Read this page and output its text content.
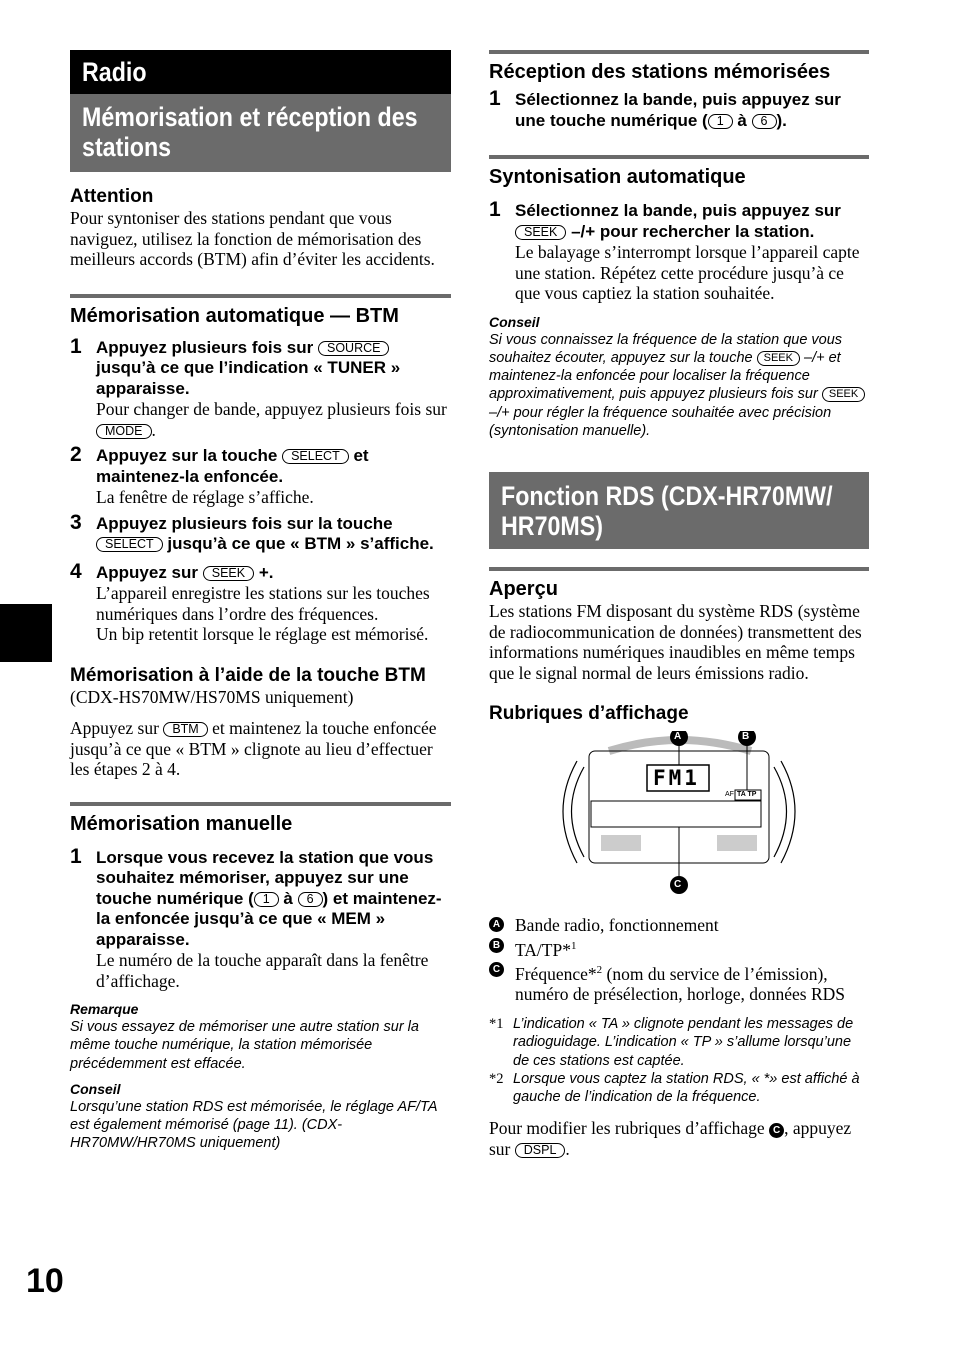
10
Radio
Mémorisation et réception des stations
Attention

Pour syntoniser des stations pendant que vous naviguez, utilisez la fonction de mémorisation des meilleurs accords (BTM) afin d’éviter les accidents.

Mémorisation automatique — BTM
1 Appuyez plusieurs fois sur SOURCE jusqu’à ce que l’indication « TUNER » apparaisse.

Pour changer de bande, appuyez plusieurs fois sur MODE .

2 Appuyez sur la touche SELECT et maintenez-la enfoncée.

La fenêtre de réglage s’affiche.

3 Appuyez plusieurs fois sur la touche SELECT jusqu’à ce que « BTM » s’affiche.
4 Appuyez sur SEEK +.

L’appareil enregistre les stations sur les touches numériques dans l’ordre des fréquences.

Un bip retentit lorsque le réglage est mémorisé.

Mémorisation à l’aide de la touche BTM

(CDX-HS70MW/HS70MS uniquement)

Appuyez sur BTM et maintenez la touche enfoncée jusqu’à ce que « BTM » clignote au lieu d’effectuer les étapes 2 à 4.

Mémorisation manuelle
1 Lorsque vous recevez la station que vous souhaitez mémoriser, appuyez sur une touche numérique ( 1 à 6 ) et maintenez-la enfoncée jusqu’à ce que « MEM » apparaisse.

Le numéro de la touche apparaît dans la fenêtre d’affichage.

Remarque

Si vous essayez de mémoriser une autre station sur la même touche numérique, la station mémorisée précédemment est effacée.

Conseil

Lorsqu’une station RDS est mémorisée, le réglage AF/TA est également mémorisé (page 11). (CDX-HR70MW/HR70MS uniquement)

Réception des stations mémorisées
1 Sélectionnez la bande, puis appuyez sur une touche numérique ( 1 à 6 ).
Syntonisation automatique
1 Sélectionnez la bande, puis appuyez sur SEEK –/+ pour rechercher la station.

Le balayage s’interrompt lorsque l’appareil capte une station. Répétez cette procédure jusqu’à ce que vous captiez la station souhaitée.

Conseil

Si vous connaissez la fréquence de la station que vous souhaitez écouter, appuyez sur la touche SEEK –/+ et maintenez-la enfoncée pour localiser la fréquence approximativement, puis appuyez plusieurs fois sur SEEK –/+ pour régler la fréquence souhaitée avec précision (syntonisation manuelle).

Fonction RDS (CDX-HR70MW/ HR70MS)
Aperçu

Les stations FM disposant du système RDS (système de radiocommunication de données) transmettent des informations numériques inaudibles en même temps que le signal normal de leurs émissions radio.

Rubriques d’affichage
FM1
AF TA TP
A	B
C
A Bande radio, fonctionnement
B TA/TP*$^1$
C Fréquence*$^2$ (nom du service de l’émission), numéro de présélection, horloge, données RDS
*1 L’indication « TA » clignote pendant les messages de radioguidage. L’indication « TP » s’allume lorsqu’une de ces stations est captée.
*2 Lorsque vous captez la station RDS, « *» est affiché à gauche de l’indication de la fréquence.

Pour modifier les rubriques d’affichage C , appuyez sur DSPL .
